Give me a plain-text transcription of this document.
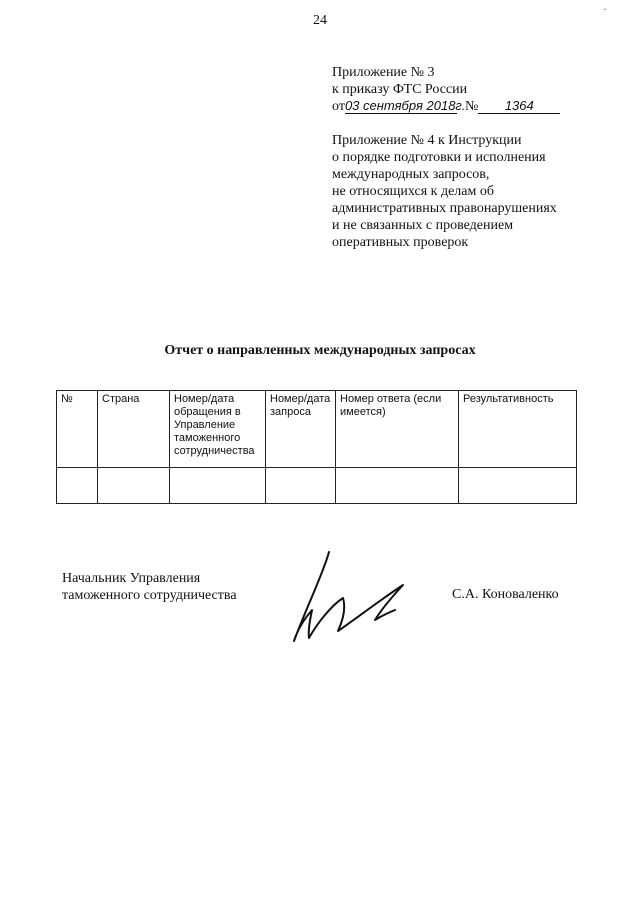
24
·
Приложение № 3
к приказу ФТС России
от03 сентября 2018г.№ 1364
Приложение № 4 к Инструкции
о порядке подготовки и исполнения
международных запросов,
не относящихся к делам об
административных правонарушениях
и не связанных с проведением
оперативных проверок
Отчет о направленных международных запросах
№	Страна	Номер/дата обращения в Управление таможенного сотрудничества	Номер/дата запроса	Номер ответа (если имеется)	Результативность

Начальник Управления
таможенного сотрудничества	С.А. Коноваленко
